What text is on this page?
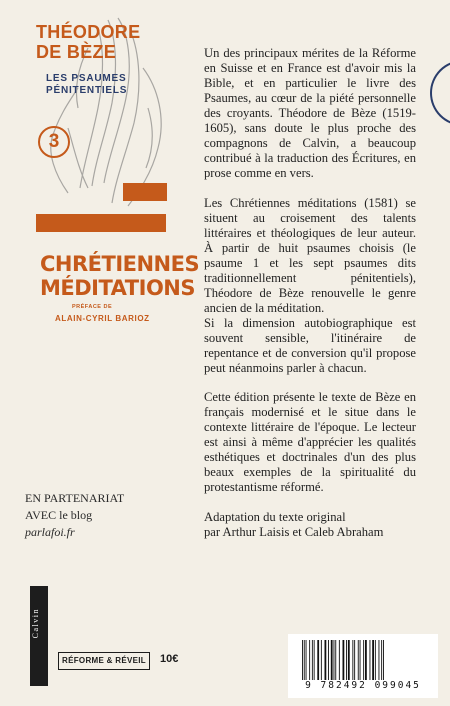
THÉODORE
DE BÈZE
LES PSAUMES
PÉNITENTIELS
3
CHRÉTIENNES
MÉDITATIONS
PRÉFACE DE
ALAIN-CYRIL BARIOZ
EN PARTENARIAT
AVEC le blog
parlafoi.fr
Calvin
RÉFORME & RÉVEIL	10€

Un des principaux mérites de la Réforme en Suisse et en France est d'avoir mis la Bible, et en particulier le livre des Psaumes, au cœur de la piété personnelle des croyants. Théodore de Bèze (1519-1605), sans doute le plus proche des compagnons de Calvin, a beaucoup contribué à la traduction des Écritures, en prose comme en vers.

Les Chrétiennes méditations (1581) se situent au croisement des talents littéraires et théologiques de leur auteur. À partir de huit psaumes choisis (le psaume 1 et les sept psaumes dits traditionnellement pénitentiels), Théodore de Bèze renouvelle le genre ancien de la méditation.

Si la dimension autobiographique est souvent sensible, l'itinéraire de repentance et de conversion qu'il propose peut néanmoins parler à chacun.

Cette édition présente le texte de Bèze en français modernisé et le situe dans le contexte littéraire de l'époque. Le lecteur est ainsi à même d'apprécier les qualités esthétiques et doctrinales d'un des plus beaux exemples de la spiritualité du protestantisme réformé.

Adaptation du texte original
par Arthur Laisis et Caleb Abraham

9 782492 099045
